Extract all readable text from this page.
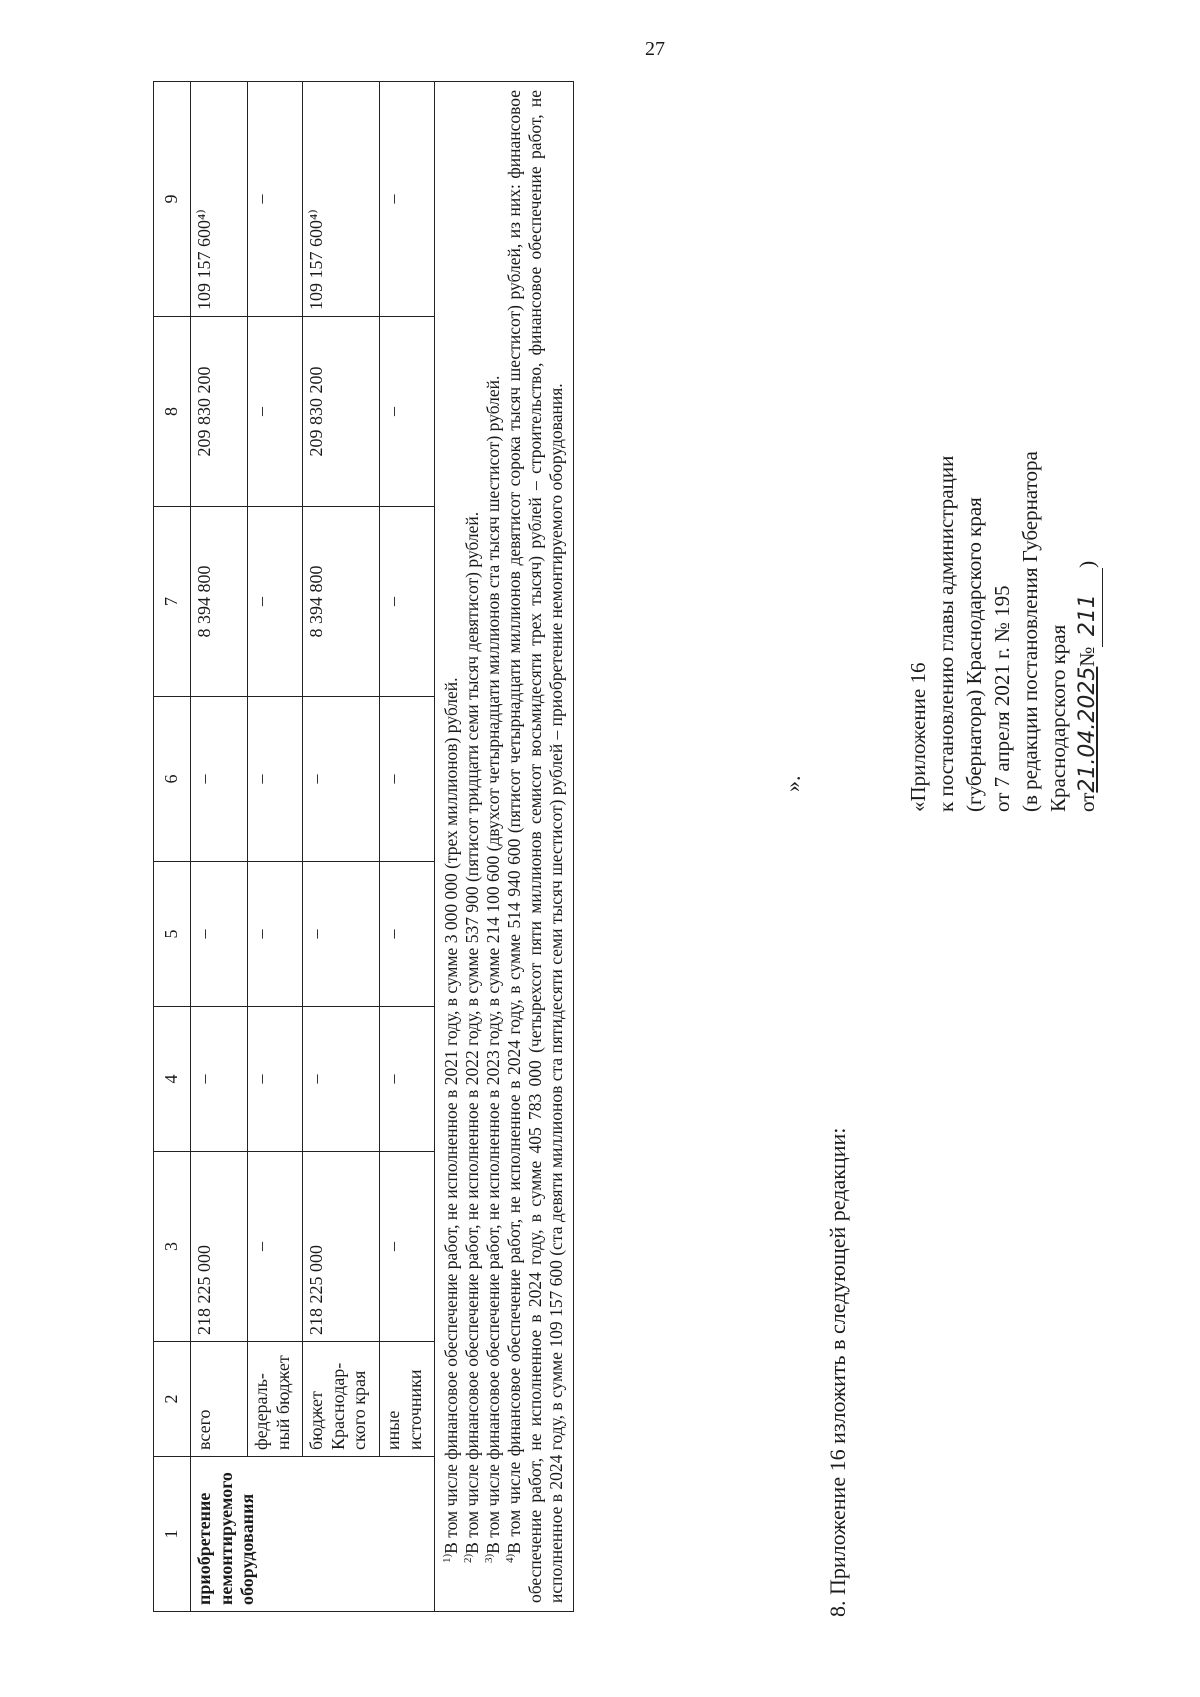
27
1	2	3	4	5	6	7	8	9
приобретение немонтируемого оборудования	всего	218 225 000	–	–	–	8 394 800	209 830 200	109 157 600⁴⁾
	федераль-ный бюджет	–	–	–	–	–	–	–
	бюджет Краснодар-ского края	218 225 000	–	–	–	8 394 800	209 830 200	109 157 600⁴⁾
	иные источники	–	–	–	–	–	–	–

$^{1)}$В том числе финансовое обеспечение работ, не исполненное в 2021 году, в сумме 3 000 000 (трех миллионов) рублей.

$^{2)}$В том числе финансовое обеспечение работ, не исполненное в 2022 году, в сумме 537 900 (пятисот тридцати семи тысяч девятисот) рублей.

$^{3)}$В том числе финансовое обеспечение работ, не исполненное в 2023 году, в сумме 214 100 600 (двухсот четырнадцати миллионов ста тысяч шестисот) рублей.

$^{4)}$В том числе финансовое обеспечение работ, не исполненное в 2024 году, в сумме 514 940 600 (пятисот четырнадцати миллионов девятисот сорока тысяч шестисот) рублей, из них: финансовое обеспечение работ, не исполненное в 2024 году, в сумме 405 783 000 (четырехсот пяти миллионов семисот восьмидесяти трех тысяч) рублей – строительство, финансовое обеспечение работ, не исполненное в 2024 году, в сумме 109 157 600 (ста девяти миллионов ста пятидесяти семи тысяч шестисот) рублей – приобретение немонтируемого оборудования.									».
8. Приложение 16 изложить в следующей редакции:
«Приложение 16 к постановлению главы администрации (губернатора) Краснодарского края от 7 апреля 2021 г. № 195 (в редакции постановления Губернатора Краснодарского края от21.04.2025№  211     )
